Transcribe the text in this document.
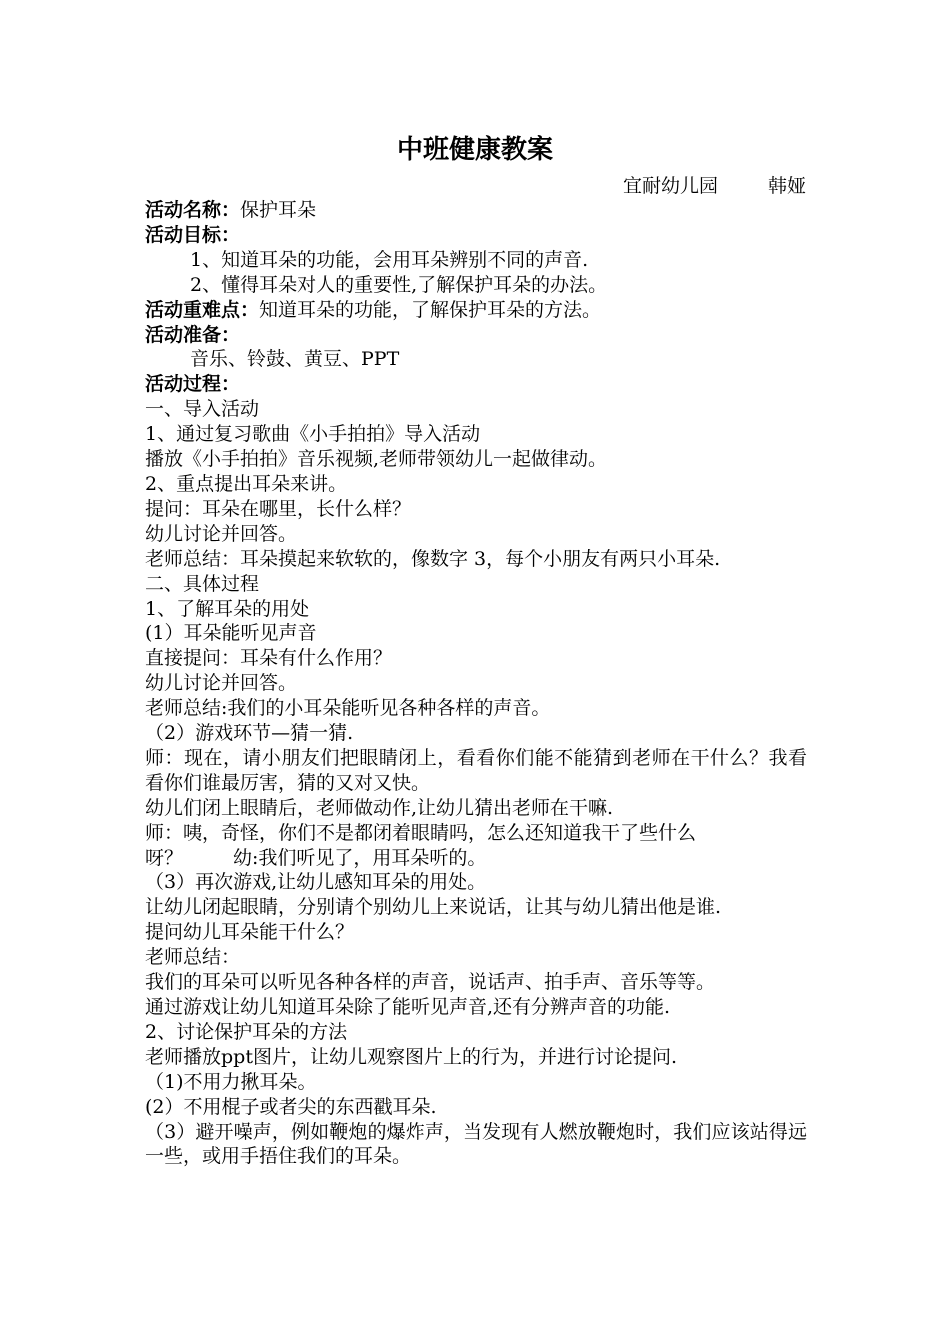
中班健康教案
宜耐幼儿园	韩娅
活动名称：保护耳朵
活动目标：
1、知道耳朵的功能，会用耳朵辨别不同的声音.
2、懂得耳朵对人的重要性,了解保护耳朵的办法。
活动重难点：知道耳朵的功能，了解保护耳朵的方法。
活动准备：
音乐、铃鼓、黄豆、PPT
活动过程：
一、导入活动
1、通过复习歌曲《小手拍拍》导入活动
播放《小手拍拍》音乐视频,老师带领幼儿一起做律动。
2、重点提出耳朵来讲。
提问：耳朵在哪里，长什么样？
幼儿讨论并回答。
老师总结：耳朵摸起来软软的，像数字 3，每个小朋友有两只小耳朵.
二、具体过程
1、了解耳朵的用处
(1）耳朵能听见声音
直接提问：耳朵有什么作用？
幼儿讨论并回答。
老师总结:我们的小耳朵能听见各种各样的声音。
（2）游戏环节—猜一猜.
师：现在，请小朋友们把眼睛闭上，看看你们能不能猜到老师在干什么？我看看你们谁最厉害，猜的又对又快。
幼儿们闭上眼睛后，老师做动作,让幼儿猜出老师在干嘛.
师：咦，奇怪，你们不是都闭着眼睛吗，怎么还知道我干了些什么
呀？	幼:我们听见了，用耳朵听的。
（3）再次游戏,让幼儿感知耳朵的用处。
让幼儿闭起眼睛，分别请个别幼儿上来说话，让其与幼儿猜出他是谁.
提问幼儿耳朵能干什么？
老师总结：
我们的耳朵可以听见各种各样的声音，说话声、拍手声、音乐等等。
通过游戏让幼儿知道耳朵除了能听见声音,还有分辨声音的功能.
2、讨论保护耳朵的方法
老师播放ppt图片，让幼儿观察图片上的行为，并进行讨论提问.
（1)不用力揪耳朵。
(2）不用棍子或者尖的东西戳耳朵.
（3）避开噪声，例如鞭炮的爆炸声，当发现有人燃放鞭炮时，我们应该站得远一些，或用手捂住我们的耳朵。
